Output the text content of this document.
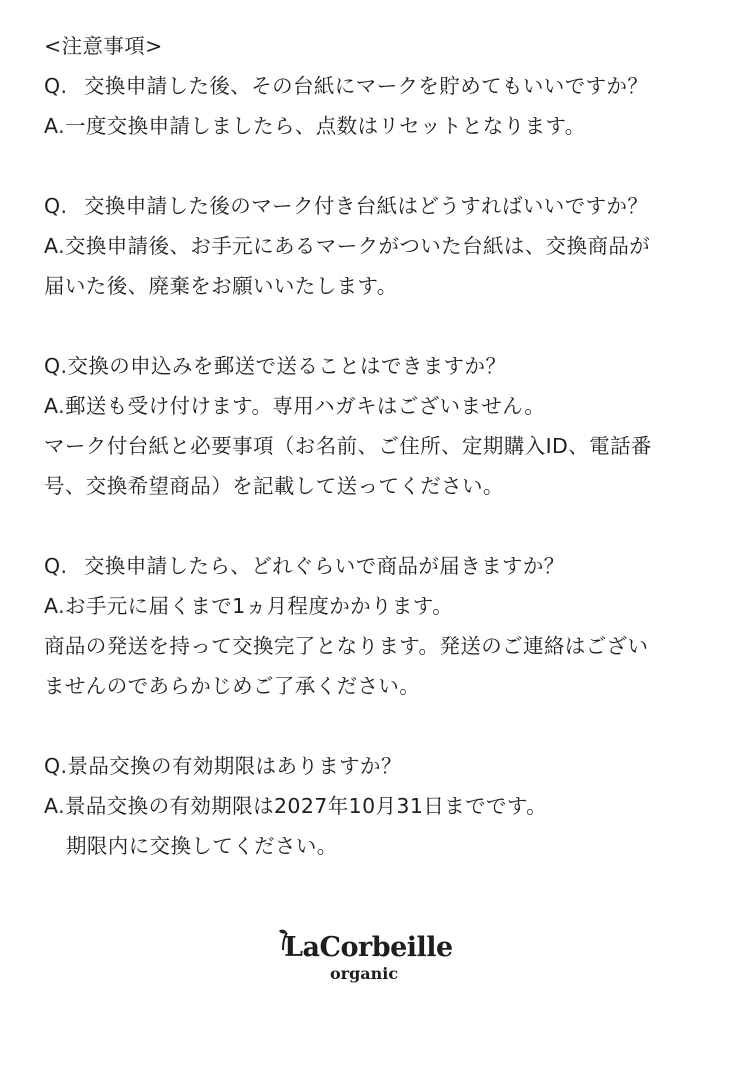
<注意事項>
Q. 交換申請した後、その台紙にマークを貯めてもいいですか？
A.一度交換申請しましたら、点数はリセットとなります。
Q. 交換申請した後のマーク付き台紙はどうすればいいですか？
A.交換申請後、お手元にあるマークがついた台紙は、交換商品が
届いた後、廃棄をお願いいたします。
Q.交換の申込みを郵送で送ることはできますか？
A.郵送も受け付けます。専用ハガキはございません。
マーク付台紙と必要事項（お名前、ご住所、定期購入ID、電話番
号、交換希望商品）を記載して送ってください。
Q. 交換申請したら、どれぐらいで商品が届きますか？
A.お手元に届くまで1ヵ月程度かかります。
商品の発送を持って交換完了となります。発送のご連絡はござい
ませんのであらかじめご了承ください。
Q.景品交換の有効期限はありますか？
A.景品交換の有効期限は2027年10月31日までです。
期限内に交換してください。
LaCorbeille
organic
